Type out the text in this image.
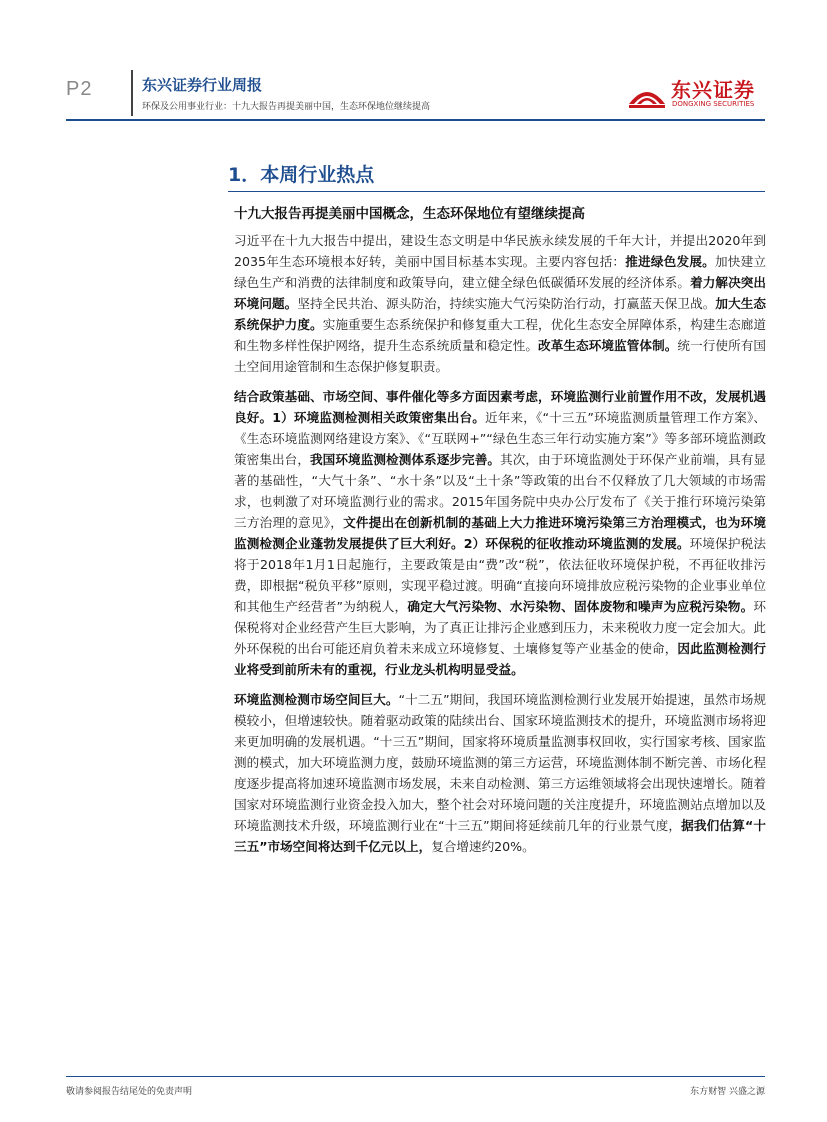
P2	东兴证券行业周报
环保及公用事业行业：十九大报告再提美丽中国，生态环保地位继续提高
东兴证券
DONGXING SECURITIES
1．本周行业热点
十九大报告再提美丽中国概念，生态环保地位有望继续提高

习近平在十九大报告中提出，建设生态文明是中华民族永续发展的千年大计，并提出2020年到2035年生态环境根本好转，美丽中国目标基本实现。主要内容包括：推进绿色发展。加快建立绿色生产和消费的法律制度和政策导向，建立健全绿色低碳循环发展的经济体系。着力解决突出环境问题。坚持全民共治、源头防治，持续实施大气污染防治行动，打赢蓝天保卫战。加大生态系统保护力度。实施重要生态系统保护和修复重大工程，优化生态安全屏障体系，构建生态廊道和生物多样性保护网络，提升生态系统质量和稳定性。改革生态环境监管体制。统一行使所有国土空间用途管制和生态保护修复职责。

结合政策基础、市场空间、事件催化等多方面因素考虑，环境监测行业前置作用不改，发展机遇良好。1）环境监测检测相关政策密集出台。近年来，《“十三五”环境监测质量管理工作方案》、《生态环境监测网络建设方案》、《“互联网+”“绿色生态三年行动实施方案”》等多部环境监测政策密集出台，我国环境监测检测体系逐步完善。其次，由于环境监测处于环保产业前端，具有显著的基础性，“大气十条”、“水十条”以及“土十条”等政策的出台不仅释放了几大领域的市场需求，也刺激了对环境监测行业的需求。2015年国务院中央办公厅发布了《关于推行环境污染第三方治理的意见》，文件提出在创新机制的基础上大力推进环境污染第三方治理模式，也为环境监测检测企业蓬勃发展提供了巨大利好。2）环保税的征收推动环境监测的发展。环境保护税法将于2018年1月1日起施行，主要政策是由“费”改“税”，依法征收环境保护税，不再征收排污费，即根据“税负平移”原则，实现平稳过渡。明确“直接向环境排放应税污染物的企业事业单位和其他生产经营者”为纳税人，确定大气污染物、水污染物、固体废物和噪声为应税污染物。环保税将对企业经营产生巨大影响，为了真正让排污企业感到压力，未来税收力度一定会加大。此外环保税的出台可能还肩负着未来成立环境修复、土壤修复等产业基金的使命，因此监测检测行业将受到前所未有的重视，行业龙头机构明显受益。

环境监测检测市场空间巨大。“十二五”期间，我国环境监测检测行业发展开始提速，虽然市场规模较小，但增速较快。随着驱动政策的陆续出台、国家环境监测技术的提升，环境监测市场将迎来更加明确的发展机遇。“十三五”期间，国家将环境质量监测事权回收，实行国家考核、国家监测的模式，加大环境监测力度，鼓励环境监测的第三方运营，环境监测体制不断完善、市场化程度逐步提高将加速环境监测市场发展，未来自动检测、第三方运维领域将会出现快速增长。随着国家对环境监测行业资金投入加大，整个社会对环境问题的关注度提升，环境监测站点增加以及环境监测技术升级，环境监测行业在“十三五”期间将延续前几年的行业景气度，据我们估算“十三五”市场空间将达到千亿元以上，复合增速约20%。

敬请参阅报告结尾处的免责声明	东方财智 兴盛之源
